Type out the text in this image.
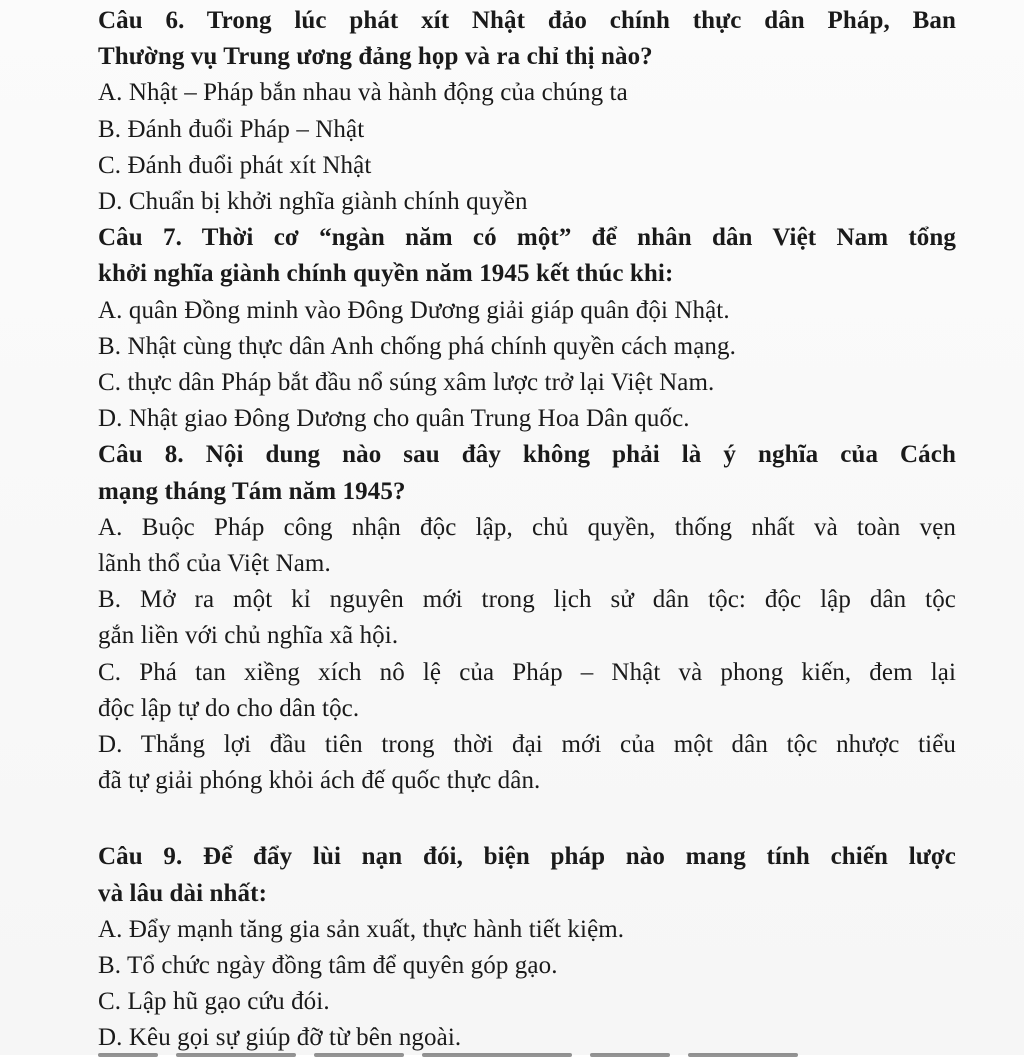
Câu 6. Trong lúc phát xít Nhật đảo chính thực dân Pháp, Ban

Thường vụ Trung ương đảng họp và ra chỉ thị nào?

A. Nhật – Pháp bắn nhau và hành động của chúng ta

B. Đánh đuổi Pháp – Nhật

C. Đánh đuổi phát xít Nhật

D. Chuẩn bị khởi nghĩa giành chính quyền

Câu 7. Thời cơ “ngàn năm có một” để nhân dân Việt Nam tổng

khởi nghĩa giành chính quyền năm 1945 kết thúc khi:

A. quân Đồng minh vào Đông Dương giải giáp quân đội Nhật.

B. Nhật cùng thực dân Anh chống phá chính quyền cách mạng.

C. thực dân Pháp bắt đầu nổ súng xâm lược trở lại Việt Nam.

D. Nhật giao Đông Dương cho quân Trung Hoa Dân quốc.

Câu 8. Nội dung nào sau đây không phải là ý nghĩa của Cách

mạng tháng Tám năm 1945?

A. Buộc Pháp công nhận độc lập, chủ quyền, thống nhất và toàn vẹn

lãnh thổ của Việt Nam.

B. Mở ra một kỉ nguyên mới trong lịch sử dân tộc: độc lập dân tộc

gắn liền với chủ nghĩa xã hội.

C. Phá tan xiềng xích nô lệ của Pháp – Nhật và phong kiến, đem lại

độc lập tự do cho dân tộc.

D. Thắng lợi đầu tiên trong thời đại mới của một dân tộc nhược tiểu

đã tự giải phóng khỏi ách đế quốc thực dân.

Câu 9. Để đẩy lùi nạn đói, biện pháp nào mang tính chiến lược

và lâu dài nhất:

A. Đẩy mạnh tăng gia sản xuất, thực hành tiết kiệm.

B. Tổ chức ngày đồng tâm để quyên góp gạo.

C. Lập hũ gạo cứu đói.

D. Kêu gọi sự giúp đỡ từ bên ngoài.
